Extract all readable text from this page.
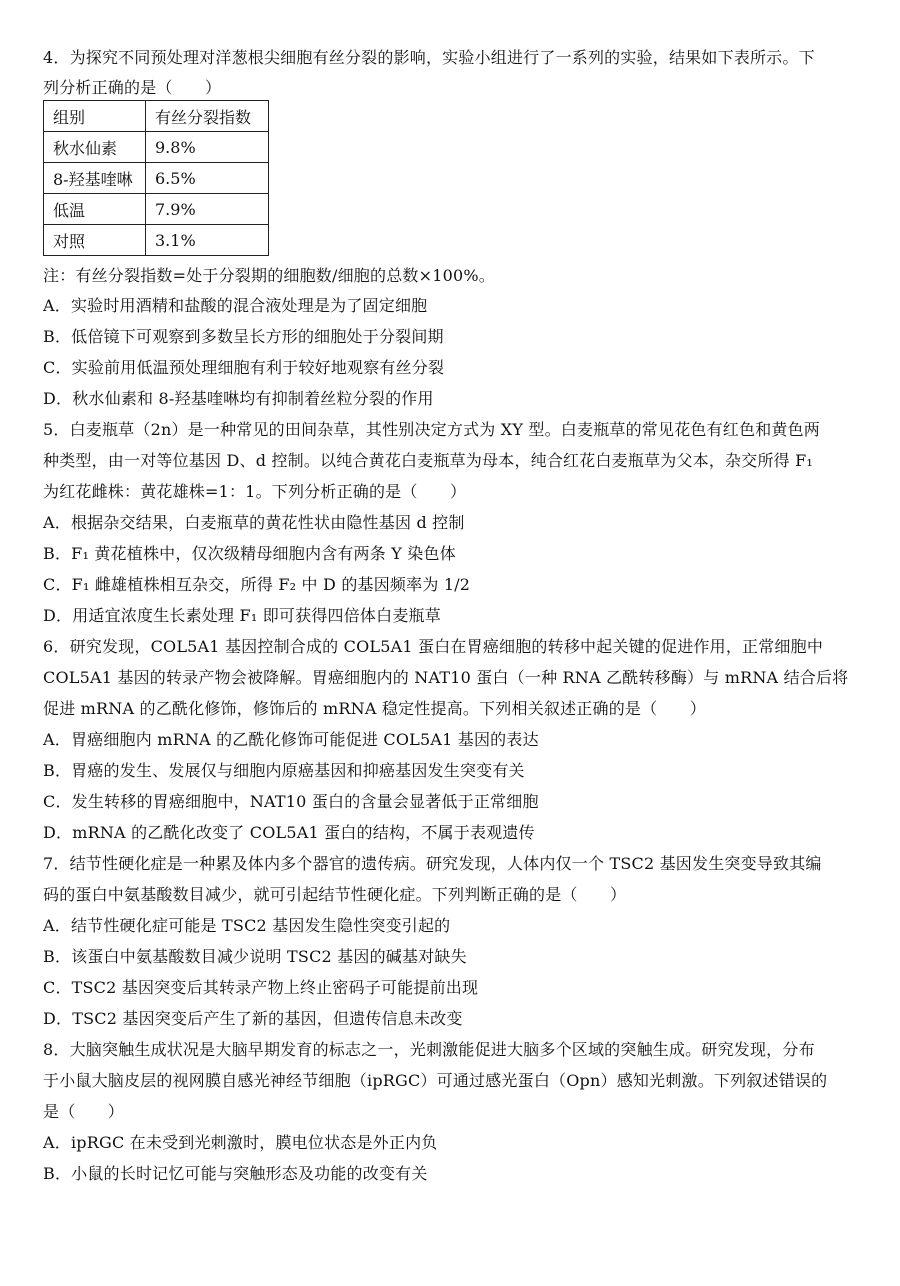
4．为探究不同预处理对洋葱根尖细胞有丝分裂的影响，实验小组进行了一系列的实验，结果如下表所示。下
列分析正确的是（　　）
组别	有丝分裂指数
秋水仙素	9.8%
8-羟基喹啉	6.5%
低温	7.9%
对照	3.1%
注：有丝分裂指数=处于分裂期的细胞数/细胞的总数×100%。
A．实验时用酒精和盐酸的混合液处理是为了固定细胞
B．低倍镜下可观察到多数呈长方形的细胞处于分裂间期
C．实验前用低温预处理细胞有利于较好地观察有丝分裂
D．秋水仙素和 8-羟基喹啉均有抑制着丝粒分裂的作用
5．白麦瓶草（2n）是一种常见的田间杂草，其性别决定方式为 XY 型。白麦瓶草的常见花色有红色和黄色两
种类型，由一对等位基因 D、d 控制。以纯合黄花白麦瓶草为母本，纯合红花白麦瓶草为父本，杂交所得 F₁
为红花雌株：黄花雄株=1：1。下列分析正确的是（　　）
A．根据杂交结果，白麦瓶草的黄花性状由隐性基因 d 控制
B．F₁ 黄花植株中，仅次级精母细胞内含有两条 Y 染色体
C．F₁ 雌雄植株相互杂交，所得 F₂ 中 D 的基因频率为 1/2
D．用适宜浓度生长素处理 F₁ 即可获得四倍体白麦瓶草
6．研究发现，COL5A1 基因控制合成的 COL5A1 蛋白在胃癌细胞的转移中起关键的促进作用，正常细胞中
COL5A1 基因的转录产物会被降解。胃癌细胞内的 NAT10 蛋白（一种 RNA 乙酰转移酶）与 mRNA 结合后将
促进 mRNA 的乙酰化修饰，修饰后的 mRNA 稳定性提高。下列相关叙述正确的是（　　）
A．胃癌细胞内 mRNA 的乙酰化修饰可能促进 COL5A1 基因的表达
B．胃癌的发生、发展仅与细胞内原癌基因和抑癌基因发生突变有关
C．发生转移的胃癌细胞中，NAT10 蛋白的含量会显著低于正常细胞
D．mRNA 的乙酰化改变了 COL5A1 蛋白的结构，不属于表观遗传
7．结节性硬化症是一种累及体内多个器官的遗传病。研究发现，人体内仅一个 TSC2 基因发生突变导致其编
码的蛋白中氨基酸数目减少，就可引起结节性硬化症。下列判断正确的是（　　）
A．结节性硬化症可能是 TSC2 基因发生隐性突变引起的
B．该蛋白中氨基酸数目减少说明 TSC2 基因的碱基对缺失
C．TSC2 基因突变后其转录产物上终止密码子可能提前出现
D．TSC2 基因突变后产生了新的基因，但遗传信息未改变
8．大脑突触生成状况是大脑早期发育的标志之一，光刺激能促进大脑多个区域的突触生成。研究发现，分布
于小鼠大脑皮层的视网膜自感光神经节细胞（ipRGC）可通过感光蛋白（Opn）感知光刺激。下列叙述错误的
是（　　）
A．ipRGC 在未受到光刺激时，膜电位状态是外正内负
B．小鼠的长时记忆可能与突触形态及功能的改变有关
